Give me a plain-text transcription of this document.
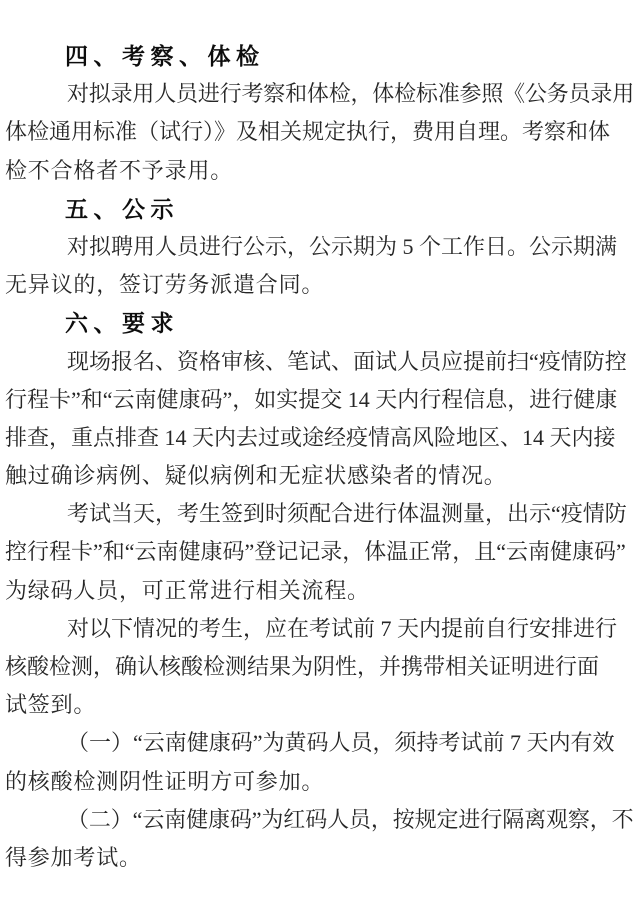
四、考察、体检
对拟录用人员进行考察和体检，体检标准参照《公务员录用
体检通用标准（试行）》及相关规定执行，费用自理。考察和体
检不合格者不予录用。
五、公示
对拟聘用人员进行公示，公示期为 5 个工作日。公示期满
无异议的，签订劳务派遣合同。
六、要求
现场报名、资格审核、笔试、面试人员应提前扫“疫情防控
行程卡”和“云南健康码”，如实提交 14 天内行程信息，进行健康
排查，重点排查 14 天内去过或途经疫情高风险地区、14 天内接
触过确诊病例、疑似病例和无症状感染者的情况。
考试当天，考生签到时须配合进行体温测量，出示“疫情防
控行程卡”和“云南健康码”登记记录，体温正常，且“云南健康码”
为绿码人员，可正常进行相关流程。
对以下情况的考生，应在考试前 7 天内提前自行安排进行
核酸检测，确认核酸检测结果为阴性，并携带相关证明进行面
试签到。
（一）“云南健康码”为黄码人员，须持考试前 7 天内有效
的核酸检测阴性证明方可参加。
（二）“云南健康码”为红码人员，按规定进行隔离观察，不
得参加考试。
